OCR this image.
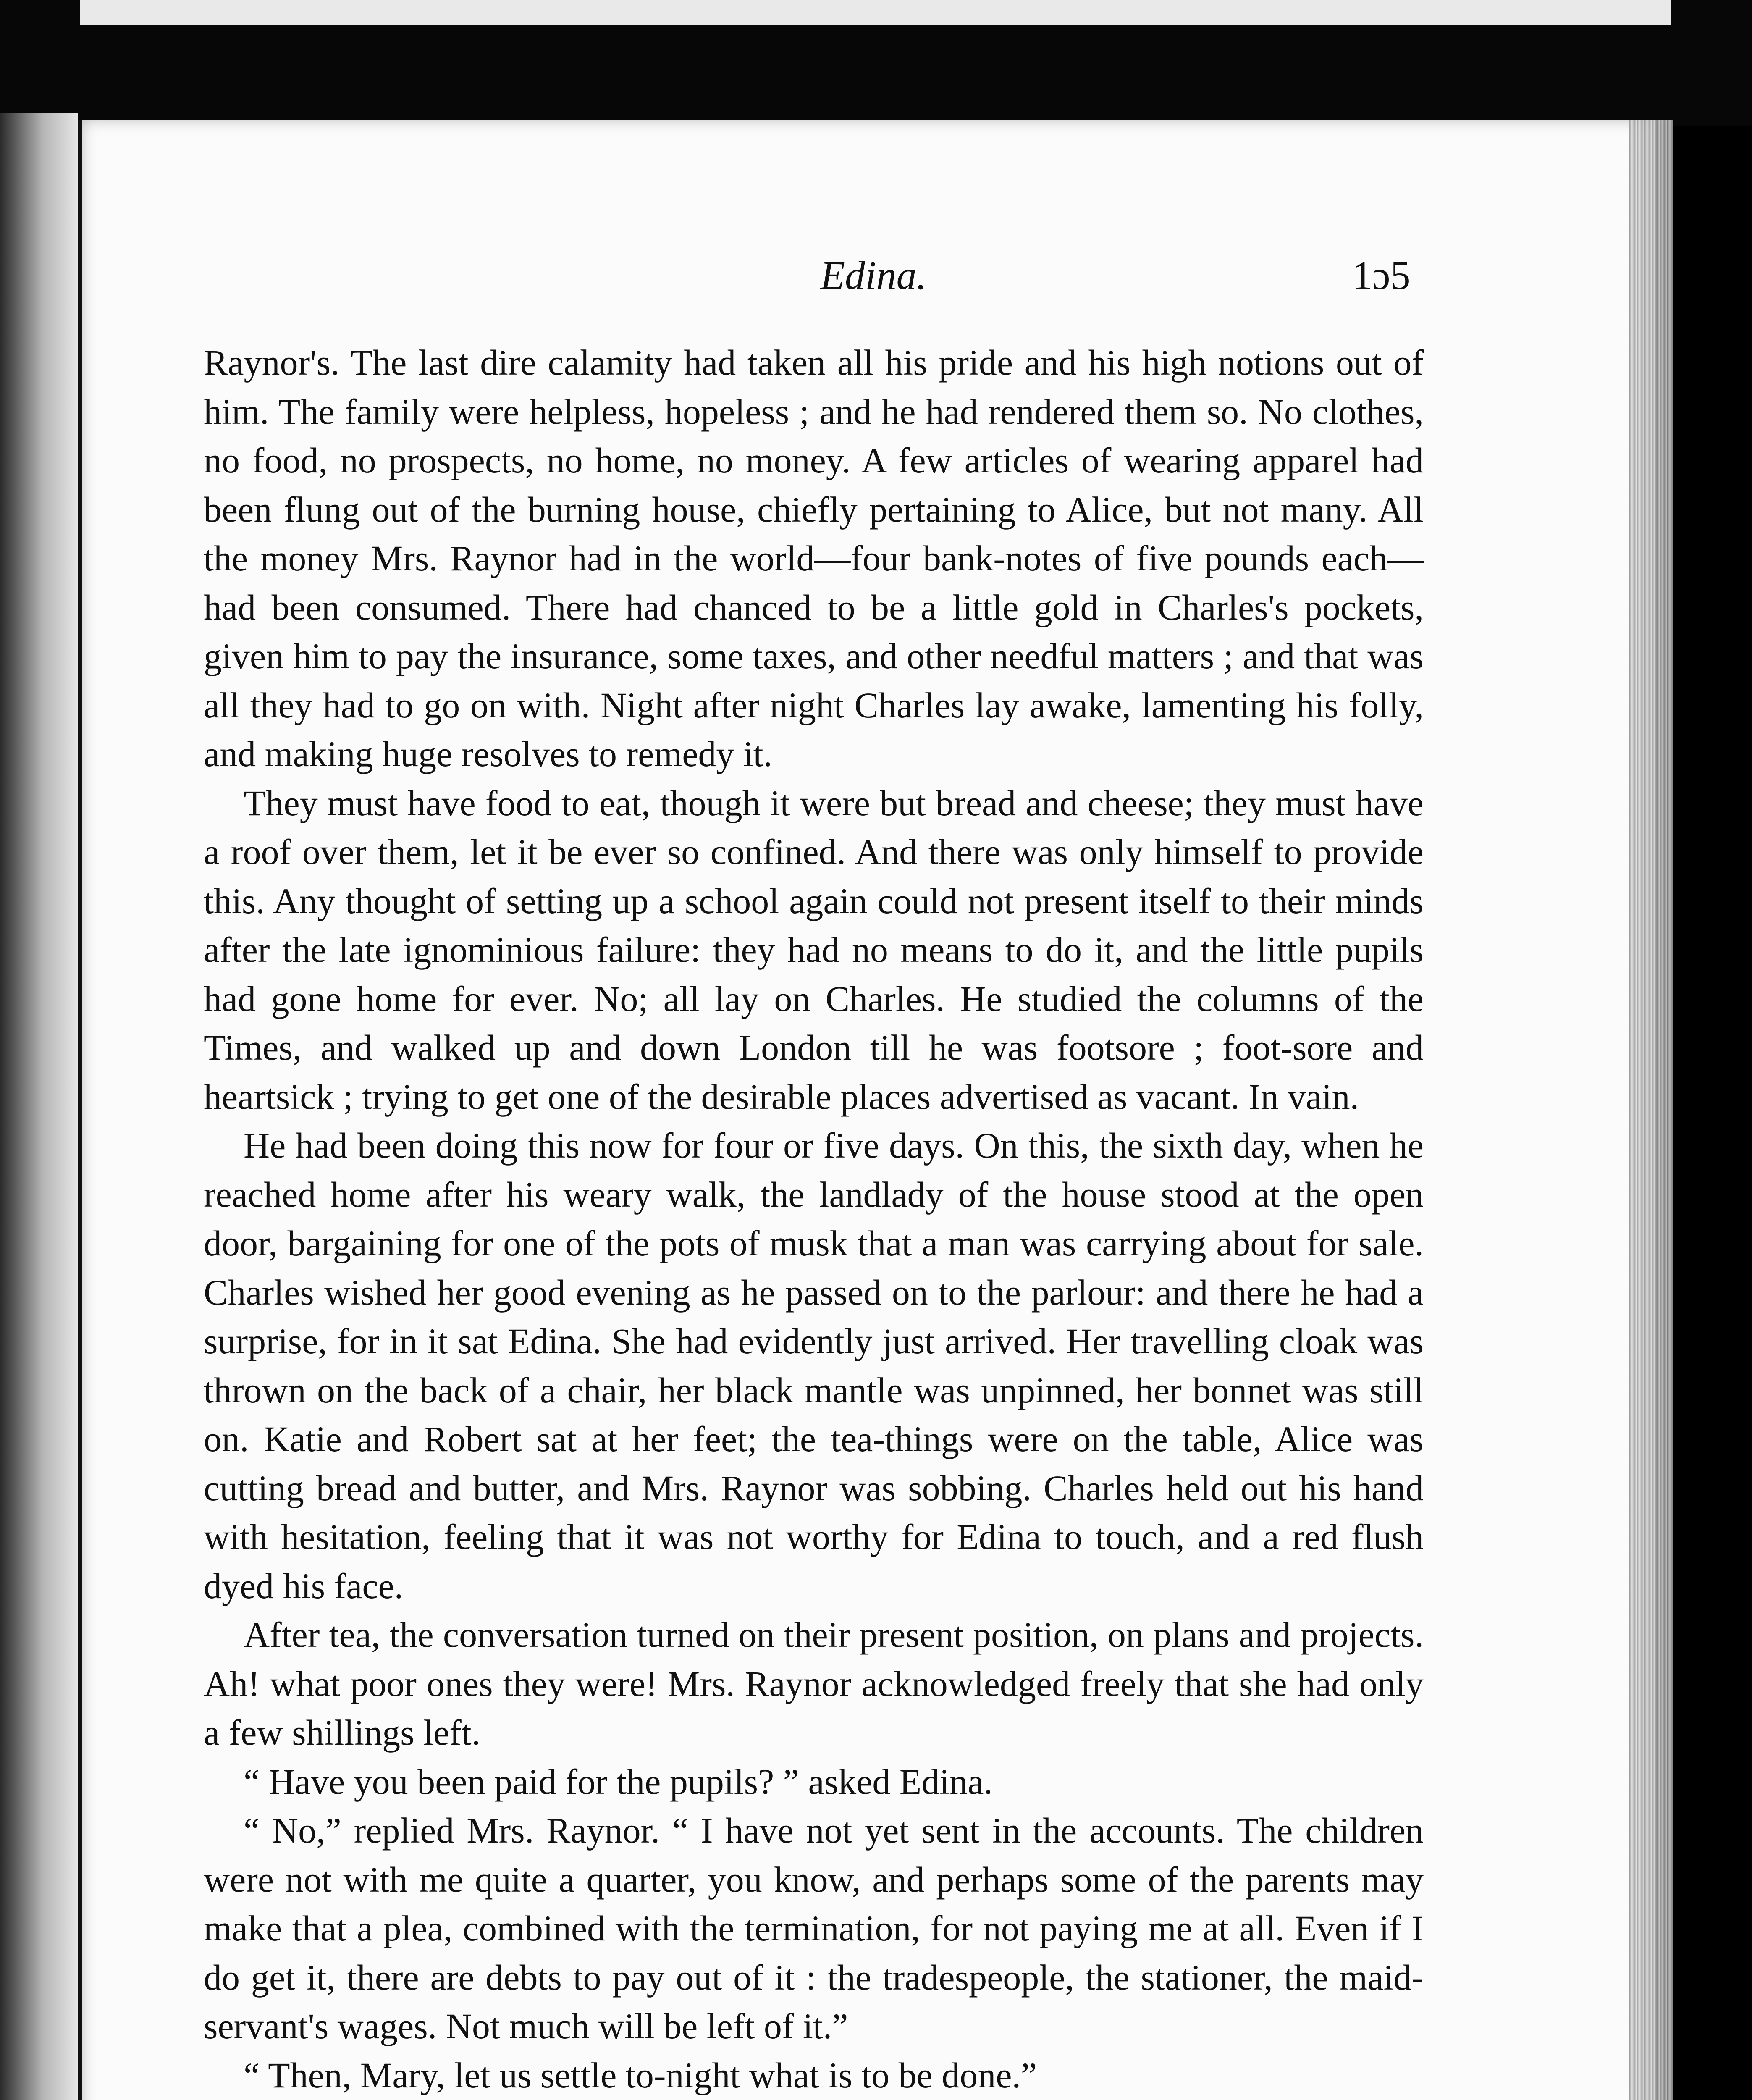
Edina.	1ɔ5

Raynor's. The last dire calamity had taken all his pride and his high notions out of him. The family were helpless, hopeless ; and he had rendered them so. No clothes, no food, no prospects, no home, no money. A few articles of wearing apparel had been flung out of the burning house, chiefly pertaining to Alice, but not many. All the money Mrs. Raynor had in the world—four bank-notes of five pounds each—had been consumed. There had chanced to be a little gold in Charles's pockets, given him to pay the insurance, some taxes, and other needful matters ; and that was all they had to go on with. Night after night Charles lay awake, lamenting his folly, and making huge resolves to remedy it.

They must have food to eat, though it were but bread and cheese; they must have a roof over them, let it be ever so confined. And there was only himself to provide this. Any thought of setting up a school again could not present itself to their minds after the late ignominious failure: they had no means to do it, and the little pupils had gone home for ever. No; all lay on Charles. He studied the columns of the Times, and walked up and down London till he was footsore ; foot-sore and heartsick ; trying to get one of the desirable places advertised as vacant. In vain.

He had been doing this now for four or five days. On this, the sixth day, when he reached home after his weary walk, the landlady of the house stood at the open door, bargaining for one of the pots of musk that a man was carrying about for sale. Charles wished her good evening as he passed on to the parlour: and there he had a surprise, for in it sat Edina. She had evidently just arrived. Her travelling cloak was thrown on the back of a chair, her black mantle was unpinned, her bonnet was still on. Katie and Robert sat at her feet; the tea-things were on the table, Alice was cutting bread and butter, and Mrs. Raynor was sobbing. Charles held out his hand with hesitation, feeling that it was not worthy for Edina to touch, and a red flush dyed his face.

After tea, the conversation turned on their present position, on plans and projects. Ah! what poor ones they were! Mrs. Raynor acknowledged freely that she had only a few shillings left.

“ Have you been paid for the pupils? ” asked Edina.

“ No,” replied Mrs. Raynor. “ I have not yet sent in the accounts. The children were not with me quite a quarter, you know, and perhaps some of the parents may make that a plea, combined with the termination, for not paying me at all. Even if I do get it, there are debts to pay out of it : the tradespeople, the stationer, the maid-servant's wages. Not much will be left of it.”

“ Then, Mary, let us settle to-night what is to be done.”
